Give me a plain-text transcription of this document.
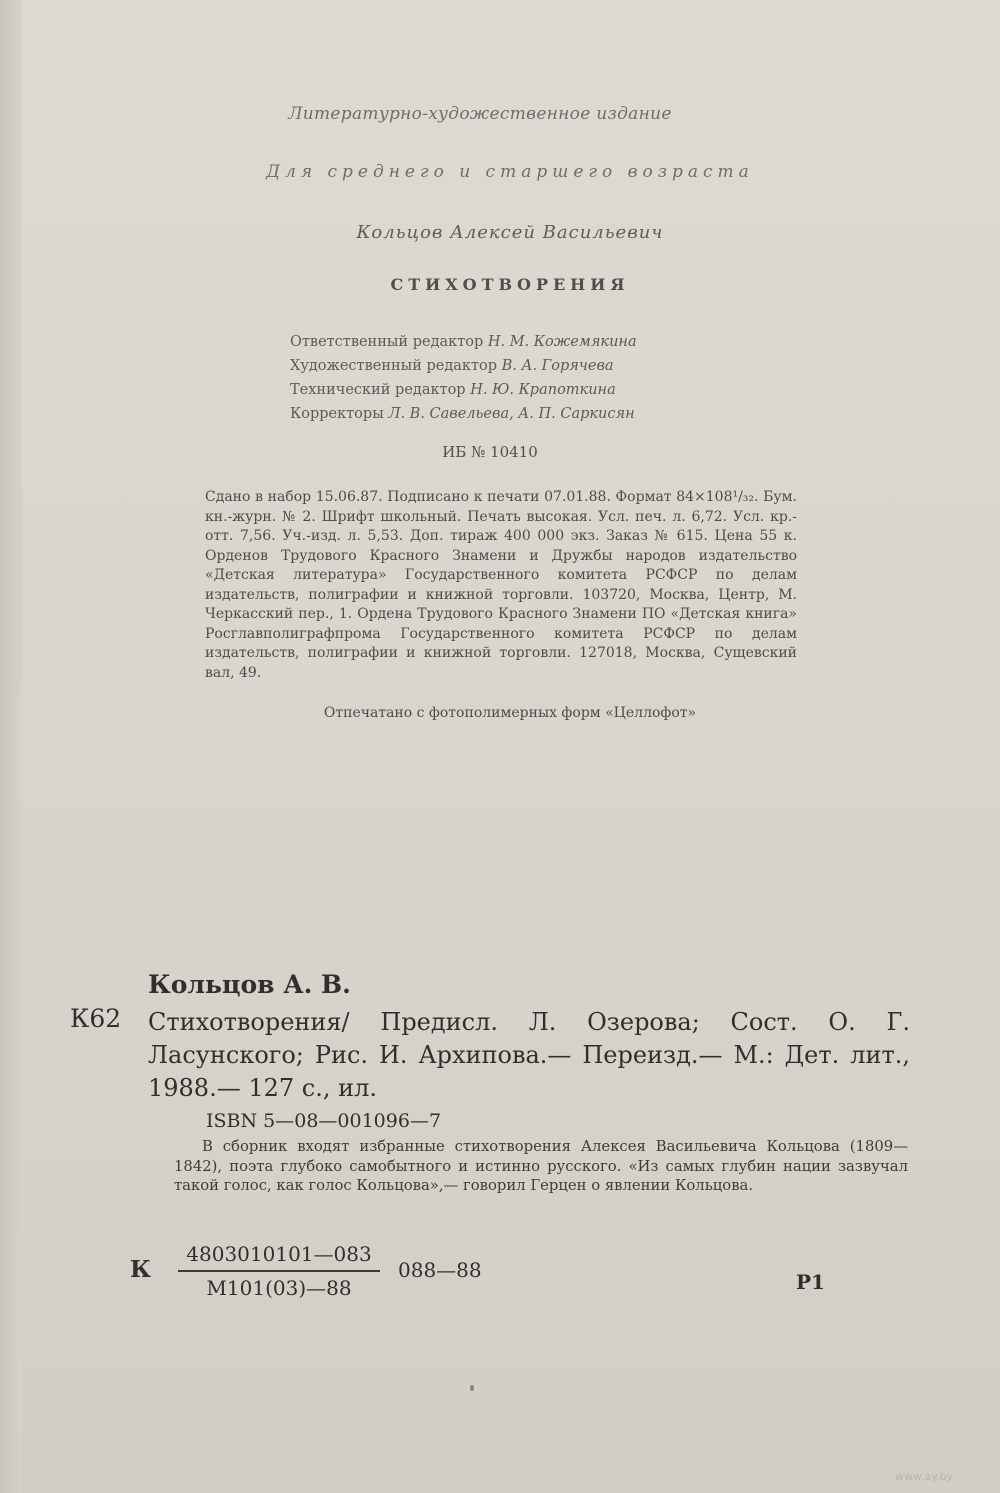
Литературно-художественное издание
Для среднего и старшего возраста
Кольцов Алексей Васильевич
СТИХОТВОРЕНИЯ
Ответственный редактор Н. М. Кожемякина
Художественный редактор В. А. Горячева
Технический редактор Н. Ю. Крапоткина
Корректоры Л. В. Савельева, А. П. Саркисян
ИБ № 10410
Сдано в набор 15.06.87. Подписано к печати 07.01.88. Формат 84×108¹/₃₂. Бум. кн.-журн. № 2. Шрифт школьный. Печать высокая. Усл. печ. л. 6,72. Усл. кр.-отт. 7,56. Уч.-изд. л. 5,53. Доп. тираж 400 000 экз. Заказ № 615. Цена 55 к. Орденов Трудового Красного Знамени и Дружбы народов издательство «Детская литература» Государственного комитета РСФСР по делам издательств, полиграфии и книжной торговли. 103720, Москва, Центр, М. Черкасский пер., 1. Ордена Трудового Красного Знамени ПО «Детская книга» Росглавполиграфпрома Государственного комитета РСФСР по делам издательств, полиграфии и книжной торговли. 127018, Москва, Сущевский вал, 49.
Отпечатано с фотополимерных форм «Целлофот»
Кольцов А. В.
К62 Стихотворения/ Предисл. Л. Озерова; Сост. О. Г. Ласунского; Рис. И. Архипова.— Переизд.— М.: Дет. лит., 1988.— 127 с., ил.
ISBN 5—08—001096—7
В сборник входят избранные стихотворения Алексея Васильевича Кольцова (1809—1842), поэта глубоко самобытного и истинно русского. «Из самых глубин нации зазвучал такой голос, как голос Кольцова»,— говорил Герцен о явлении Кольцова.
К
4803010101—083
М101(03)—88
088—88	Р1
www.ay.by
